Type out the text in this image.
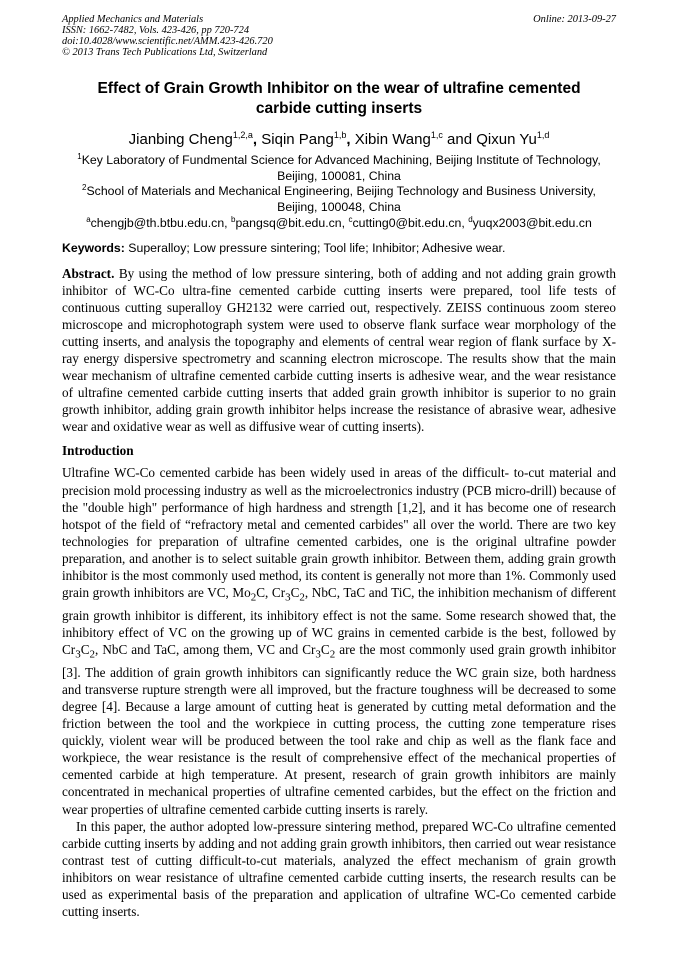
Applied Mechanics and Materials
ISSN: 1662-7482, Vols. 423-426, pp 720-724
doi:10.4028/www.scientific.net/AMM.423-426.720
© 2013 Trans Tech Publications Ltd, Switzerland
Online: 2013-09-27
Effect of Grain Growth Inhibitor on the wear of ultrafine cemented
carbide cutting inserts
Jianbing Cheng$^{1,2,a}$, Siqin Pang$^{1,b}$, Xibin Wang$^{1,c}$ and Qixun Yu$^{1,d}$
$^1$Key Laboratory of Fundmental Science for Advanced Machining, Beijing Institute of Technology,
Beijing, 100081, China
$^2$School of Materials and Mechanical Engineering, Beijing Technology and Business University,
Beijing, 100048, China
$^a$chengjb@th.btbu.edu.cn, $^b$pangsq@bit.edu.cn, $^c$cutting0@bit.edu.cn, $^d$yuqx2003@bit.edu.cn
Keywords: Superalloy; Low pressure sintering; Tool life; Inhibitor; Adhesive wear.

Abstract. By using the method of low pressure sintering, both of adding and not adding grain growth inhibitor of WC-Co ultra-fine cemented carbide cutting inserts were prepared, tool life tests of continuous cutting superalloy GH2132 were carried out, respectively. ZEISS continuous zoom stereo microscope and microphotograph system were used to observe flank surface wear morphology of the cutting inserts, and analysis the topography and elements of central wear region of flank surface by X-ray energy dispersive spectrometry and scanning electron microscope. The results show that the main wear mechanism of ultrafine cemented carbide cutting inserts is adhesive wear, and the wear resistance of ultrafine cemented carbide cutting inserts that added grain growth inhibitor is superior to no grain growth inhibitor, adding grain growth inhibitor helps increase the resistance of abrasive wear, adhesive wear and oxidative wear as well as diffusive wear of cutting inserts).

Introduction

Ultrafine WC-Co cemented carbide has been widely used in areas of the difficult- to-cut material and precision mold processing industry as well as the microelectronics industry (PCB micro-drill) because of the "double high" performance of high hardness and strength [1,2], and it has become one of research hotspot of the field of “refractory metal and cemented carbides" all over the world. There are two key technologies for preparation of ultrafine cemented carbides, one is the original ultrafine powder preparation, and another is to select suitable grain growth inhibitor. Between them, adding grain growth inhibitor is the most commonly used method, its content is generally not more than 1%. Commonly used grain growth inhibitors are VC, $Mo_2C$, $Cr_3C_2$, NbC, TaC and TiC, the inhibition mechanism of different grain growth inhibitor is different, its inhibitory effect is not the same. Some research showed that, the inhibitory effect of VC on the growing up of WC grains in cemented carbide is the best, followed by $Cr_3C_2$, NbC and TaC, among them, VC and $Cr_3C_2$ are the most commonly used grain growth inhibitor [3]. The addition of grain growth inhibitors can significantly reduce the WC grain size, both hardness and transverse rupture strength were all improved, but the fracture toughness will be decreased to some degree [4]. Because a large amount of cutting heat is generated by cutting metal deformation and the friction between the tool and the workpiece in cutting process, the cutting zone temperature rises quickly, violent wear will be produced between the tool rake and chip as well as the flank face and workpiece, the wear resistance is the result of comprehensive effect of the mechanical properties of cemented carbide at high temperature. At present, research of grain growth inhibitors are mainly concentrated in mechanical properties of ultrafine cemented carbides, but the effect on the friction and wear properties of ultrafine cemented carbide cutting inserts is rarely.

In this paper, the author adopted low-pressure sintering method, prepared WC-Co ultrafine cemented carbide cutting inserts by adding and not adding grain growth inhibitors, then carried out wear resistance contrast test of cutting difficult-to-cut materials, analyzed the effect mechanism of grain growth inhibitors on wear resistance of ultrafine cemented carbide cutting inserts, the research results can be used as experimental basis of the preparation and application of ultrafine WC-Co cemented carbide cutting inserts.
